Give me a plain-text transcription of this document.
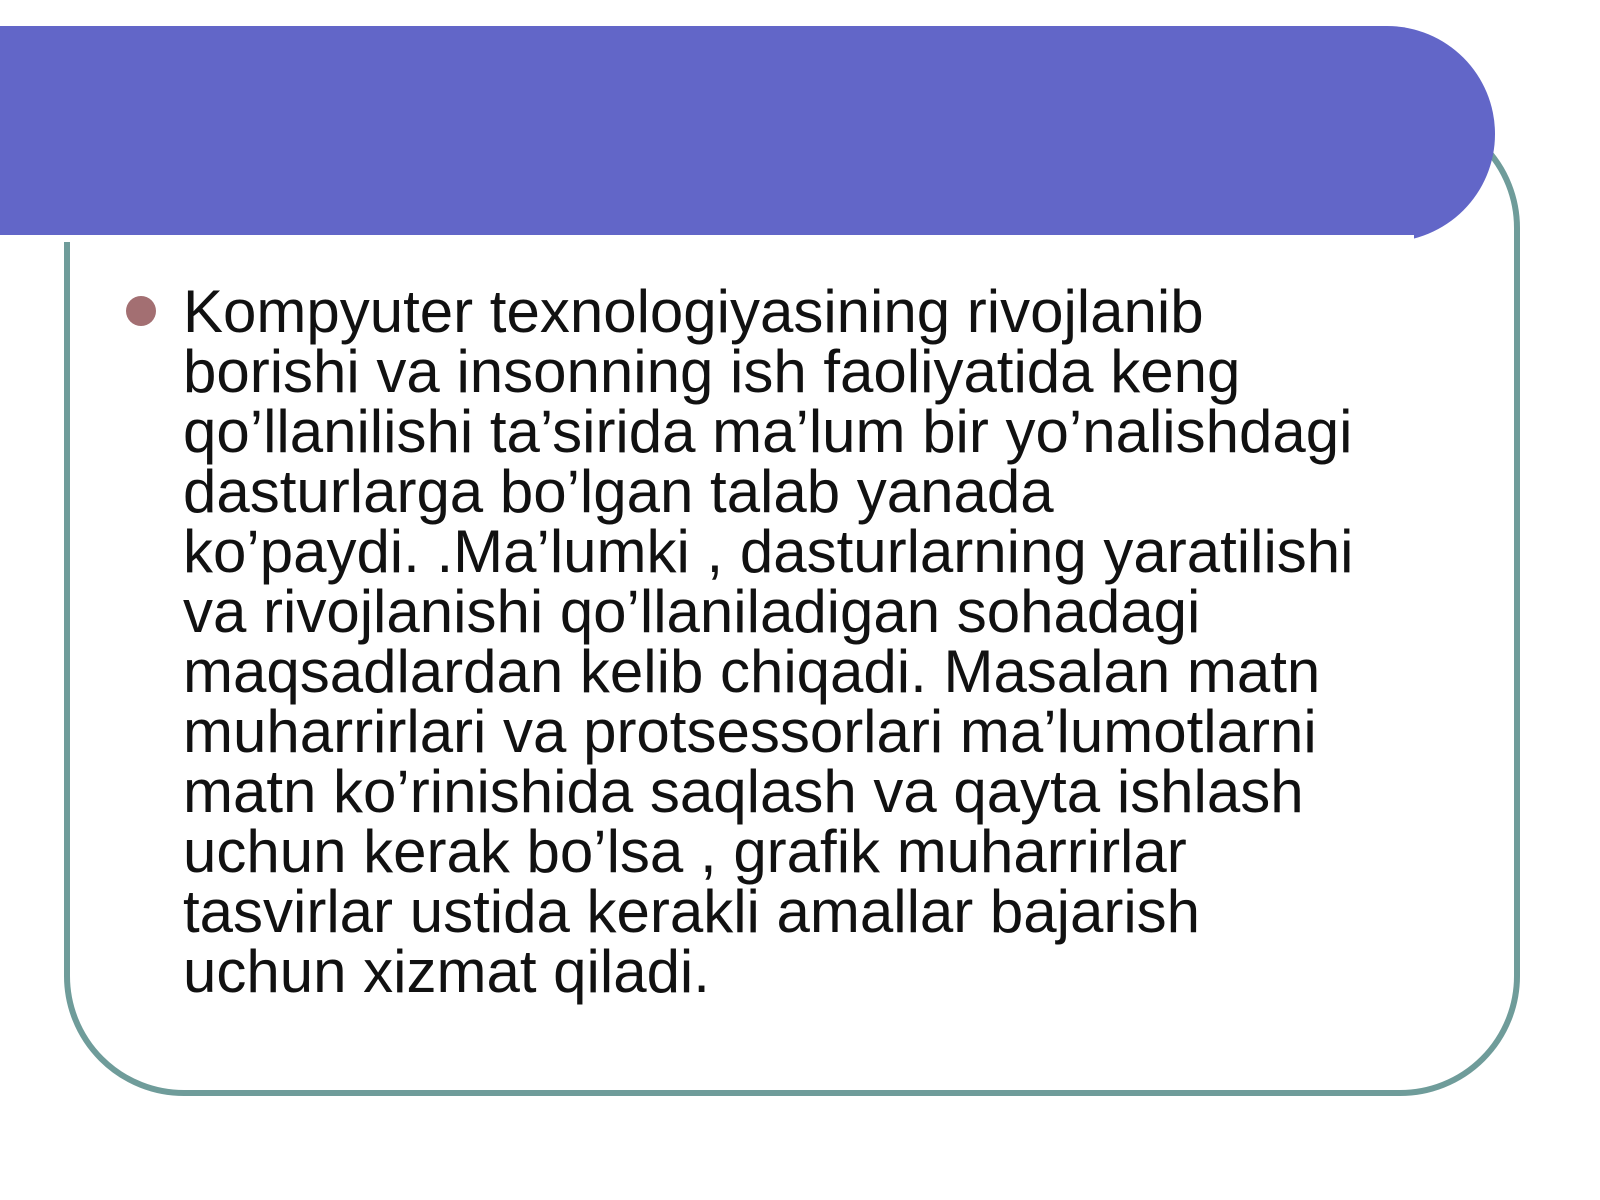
Kompyuter texnologiyasining rivojlanib
borishi va insonning ish faoliyatida keng
qo’llanilishi ta’sirida ma’lum bir yo’nalishdagi
dasturlarga bo’lgan talab yanada
ko’paydi. .Ma’lumki , dasturlarning yaratilishi
va rivojlanishi qo’llaniladigan sohadagi
maqsadlardan kelib chiqadi. Masalan matn
muharrirlari va protsessorlari ma’lumotlarni
matn ko’rinishida saqlash va qayta ishlash
uchun kerak bo’lsa , grafik muharrirlar
tasvirlar ustida kerakli amallar bajarish
uchun xizmat qiladi.
